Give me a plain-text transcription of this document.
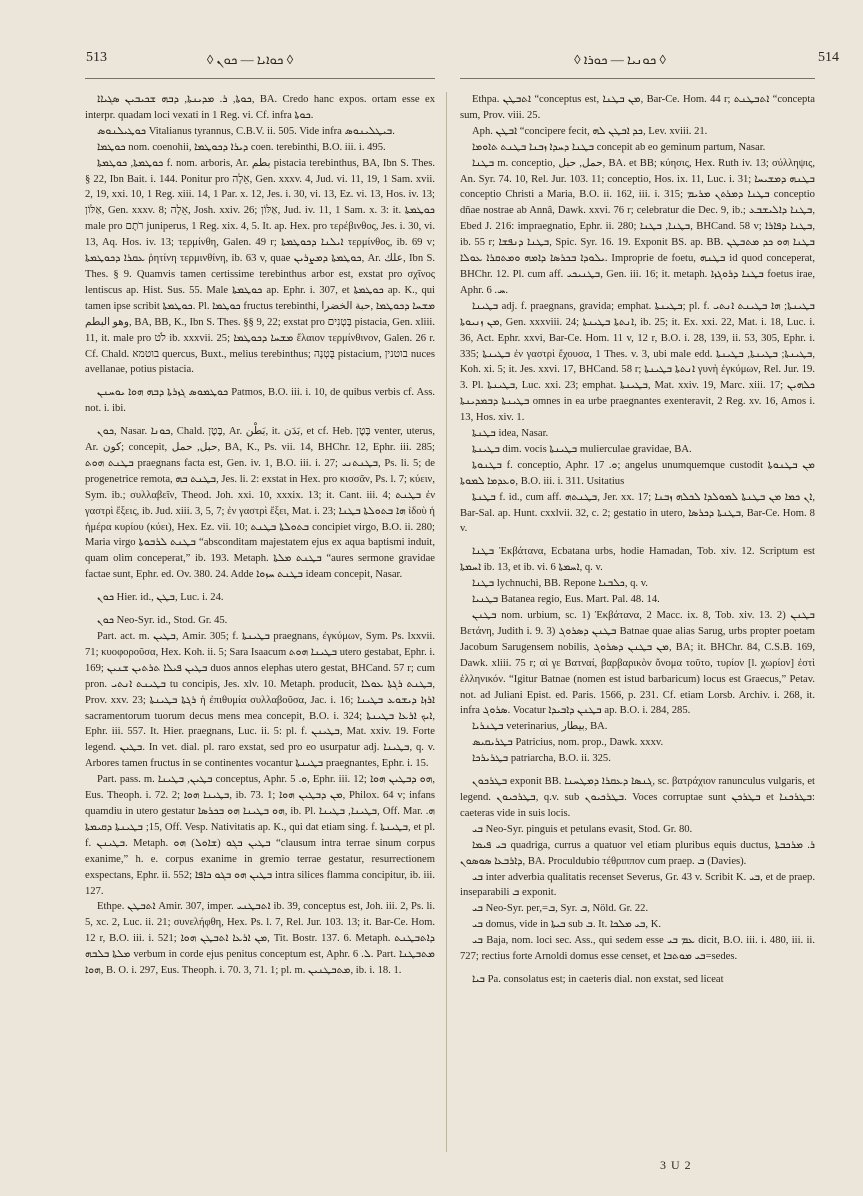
513	◊ ܟܘܐܝܐ — ܟܘܢ ◊	◊ ܟܘܢܝܐ — ܟܘܪܐ ◊	514

ܟܘܬܐ, ܪ. ܡܕܝܢܬܐ, ܕܒܗ ܫܟܝܒܝܢ ܣܓܝܐܐ, BA. Credo hanc expos. ortam esse ex interpr. quadam loci vexati in 1 Reg. vi. Cf. infra ܟܘܬܐ.

ܟܘܛܝܠܢܘܣ Vitalianus tyrannus, C.B.V. ii. 505. Vide infra ܒܝܛܠܝܢܘܣ.

ܟܘܛܡܐ nom. coenohii, ܕܝܪܐ ܕܟܘܛܡܐ coen. terebinthi, B.O. iii. i. 495.

ܟܘܛܡܬܐ, ܟܘܛܡܬܐ f. nom. arboris, Ar. ﺑﻄﻢ pistacia terebinthus, BA, Ibn S. Thes. § 22, Ibn Bait. i. 144. Ponitur pro אֵלָה, Gen. xxxv. 4, Jud. vi. 11, 19, 1 Sam. xvii. 2, 19, xxi. 10, 1 Reg. xiii. 14, 1 Par. x. 12, Jes. i. 30, vi. 13, Ez. vi. 13, Hos. iv. 13; אַלּוֹן, Gen. xxxv. 8; אֵלָה, Josh. xxiv. 26; אַלּוֹן, Jud. iv. 11, 1 Sam. x. 3: it. ܟܘܛܡܬܐ male pro רֹתֶם juniperus, 1 Reg. xix. 4, 5. It. ap. Hex. pro τερέβινθος, Jes. i. 30, vi. 13, Aq. Hos. iv. 13; τερμίνθη, Galen. 49 r; ܐܝܠܢܐ ܕܟܘܛܡܬܐ τερμίνθος, ib. 69 v; ܥܩܪܐ ܕܟܘܛܡܬܐ ῥητίνη τερμινθίνη, ib. 63 v, quae ܟܘܛܡܬܐ ܕܡܨܪܝܢ, Ar. ﻋﻠﻚ, Ibn S. Thes. § 9. Quamvis tamen certissime terebinthus arbor est, exstat pro σχῖνος lentiscus ap. Hist. Sus. 55. Male ܟܘܛܡܬܐ ap. Ephr. i. 307, et ܟܘܛܡܬܐ ap. K., qui tamen ipse scribit ܟܘܛܡܬܐ. Pl. ܟܘܛܡܐ fructus terebinthi, ܡܫܚܐ ܕܟܘܛܡܐ ,ﺣﺒﺔ ﺍﻟﺨﻀﺮﺍ ﻭﻫﻮ ﺍﻟﺒﻄﻢ, BA, BB, K., Ibn S. Thes. §§ 9, 22; exstat pro בָּטְנִים pistacia, Gen. xliii. 11, it. male pro לֹט ib. xxxvii. 25; ܡܫܚܐ ܕܟܘܛܡܐ ἔλαιον τερμίνθινον, Galen. 26 r. Cf. Chald. בוטמא quercus, Buxt., melius terebinthus; בֻּטְנָה pistacium, בוטנין nuces avellanae, potius pistacia.

ܟܘܛܡܘܣ ܓܙܪܬܐ ܕܒܗ ܗܘܐ ܝܘܚܢܢ Patmos, B.O. iii. i. 10, de quibus verbis cf. Ass. not. i. ibi.

ܟܘܢ, Nasar. ܟܘܢܐ, Chald. בֶּטֶן, Ar. بَطْن, it. بَدَن, et cf. Heb. בֶּטֶן venter, uterus, Ar. ﻛﻮﻥ; concepit, ﺣﺒﻞ, ﺣﻤﻞ, BA, K., Ps. vii. 14, BHChr. 12, Ephr. iii. 285; ܒܛܢܬ ܗܘܬ praegnans facta est, Gen. iv. 1, B.O. iii. i. 27; ܒܛܢܬܢܝ, Ps. li. 5; de progenetrice remota, ܒܛܢܬ ܒܗ, Jes. li. 2: exstat in Hex. pro κισσᾶν, Ps. l. 7; κύειν, Sym. ib.; συλλαβεῖν, Theod. Joh. xxi. 10, xxxix. 13; it. Cant. iii. 4; ܒܛܢܬ ἐν γαστρὶ ἔξεις, ib. Jud. xiii. 3, 5, 7; ἐν γαστρὶ ἔξει, Mat. i. 23; ܗܐ ܒܬܘܠܬܐ ܒܛܢܐ ἰδοὺ ἡ ἡμέρα κυρίου (κύει), Hex. Ez. vii. 10; ܒܬܘܠܬܐ ܒܛܢܬ concipiet virgo, B.O. ii. 280; Maria virgo ܒܛܢܬ ܠܪܒܘܬܐ “absconditam majestatem ejus ex aqua baptismi induit, quam olim conceperat,” ib. 193. Metaph. ܒܛܢܬ ܡܠܬܐ “aures sermone gravidae factae sunt, Ephr. ed. Ov. 380. 24. Adde ܒܛܢܬ ܚܙܘܐ ideam concepit, Nasar.

ܟܘܢ Hier. id., ܒܛܢ, Luc. i. 24.

ܟܘܢ Neo-Syr. id., Stod. Gr. 45.

Part. act. m. ܒܛܝܢ, Amir. 305; f. ܒܛܝܢܬܐ praegnans, ἐγκύμων, Sym. Ps. lxxvii. 71; κυοφοροῦσα, Hex. Koh. ii. 5; Sara Isaacum ܒܛܝܢܐ ܗܘܬ utero gestabat, Ephr. i. 169; ܒܛܝܢ ܦܝܠܐ ܬܪܬܝܢ ܫܢܝܢ duos annos elephas utero gestat, BHCand. 57 r; cum pron. ܒܛܝܢܬ ܐܢܬܝ tu concipis, Jes. xlv. 10. Metaph. producit, ܒܛܢܬ ܪܓܬܐ ܥܘܠܐ, Prov. xxv. 23; ܪܓܬܐ ܒܛܝܢܬܐ ἡ ἐπιθυμία συλλαβοῦσα, Jac. i. 16; ܐܪܙܐ ܕܝܫܘܥ ܒܛܝܢܐ sacramentorum tuorum decus mens mea concepit, B.O. i. 324; ܐܝܟ ܐܪܥܐ ܒܛܝܢܬܐ, Ephr. iii. 557. It. Hier. praegnans, Luc. ii. 5: pl. f. ܒܛܝܢܢ, Mat. xxiv. 19. Forte legend. ܒܛܝܢ. In vet. dial. pl. raro exstat, sed pro eo usurpatur adj. ܒܛܝܢܐ, q. v. Arbores tamen fructus in se continentes vocantur ܒܛܝܢܬܐ praegnantes, Ephr. i. 15.

Part. pass. m. ܒܛܝܢ, ܒܛܝܢܐ conceptus, Aphr. ܘ. 5, Ephr. iii. 12; ܗܘ ܕܒܛܝܢ ܗܘܐ, Eus. Theoph. i. 72. 2; ܒܛܝܢܐ ܗܘܐ, ib. 73. 1; ܡܢ ܕܒܛܝܢ ܗܘܐ, Philox. 64 v; infans quamdiu in utero gestatur ܗܘ ܒܛܝܢܐ ܗܘ ܒܟܪܣܐ, ib. Pl. ܒܛܝܢܐ, ܒܛܝܢܐ, Off. Mar. ܗ. 15; ܒܛܝܢܬܐ ܕܩܝܡܬܐ, Off. Vesp. Nativitatis ap. K., qui dat etiam sing. f. ܒܛܝܢܬܐ, et pl. f. ܒܛܝܢܢ. Metaph. ܒܛܝܢ ܒܓܘ (ܫܐܘܠ) ܗܘ “clausum intra terrae sinum corpus exanime,” h. e. corpus exanime in gremio terrae gestatur, resurrectionem exspectans, Ephr. ii. 552; ܒܛܝܢ ܗܘ ܒܓܘ ܟܐܦܐ intra silices flamma concipitur, ib. iii. 127.

Ethpe. ܐܬܒܛܢ Amir. 307, imper. ܐܬܒܛܢܝ ib. 39, conceptus est, Joh. iii. 2, Ps. li. 5, xc. 2, Luc. ii. 21; συνελήφθη, Hex. Ps. l. 7, Rel. Jur. 103. 13; it. Bar-Ce. Hom. 12 r, B.O. iii. i. 521; ܡܢ ܐܪܥܐ ܐܬܒܛܢ ܗܘܐ, Tit. Bostr. 137. 6. Metaph. ܕܐܬܒܛܢܬ ܡܠܬܐ ܒܠܒܗ verbum in corde ejus penitus conceptum est, Aphr. ܠ. 6. Part. ܡܬܒܛܢܐ ܗܘܐ, B. O. i. 297, Eus. Theoph. i. 70. 3, 71. 1; pl. m. ܡܬܒܛܢܝܢ, ib. i. 18. 1.

Ethpa. ܐܬܒܛܢ “conceptus est, ܡܢ ܒܛܢܐ, Bar-Ce. Hom. 44 r; ܐܬܒܛܢܬ “concepta sum, Prov. viii. 25.

Aph. ܐܒܛܢ “concipere fecit, ܟܕ ܐܒܛܢ ܠܗ, Lev. xviii. 21.

ܒܛܢܐ ܕܚܕܐ ܙܒܢܐ ܒܛܢܬ ܬܐܘܡܐ concepit ab eo geminum partum, Nasar.

ܒܛܢܐ m. conceptio, ﺣﻤﻞ, ﺣﺒﻞ, BA. et BB; κύησις, Hex. Ruth iv. 13; σύλληψις, An. Syr. 74. 10, Rel. Jur. 103. 11; conceptio, Hos. ix. 11, Luc. i. 31; ܒܛܢܗ ܕܡܫܝܚܐ conceptio Christi a Maria, B.O. ii. 162, iii. i. 315; ܒܛܢܐ ܕܡܪܬܢ ܡܪܝܡ conceptio dñae nostrae ab Annâ, Dawk. xxvi. 76 r; celebratur die Dec. 9, ib.; ܒܛܢܐ ܕܐܠܝܫܒܥ, Ebed J. 216: impraegnatio, Ephr. ii. 280; ܒܛܢܐ, ܒܛܢܐ, BHCand. 58 v; ܒܛܢܐ ܕܦܐܪܐ, ib. 55 r; ܒܛܢܐ ܕܢܦܫܐ, Spic. Syr. 16. 19. Exponit BS. ap. BB. ܒܛܢܐ ܗܘ ܟܕ ܡܬܒܛܢ ܝܠܘܕܐ ܒܟܪܣܐ ܕܐܡܗ ܘܡܬܩܪܐ ܥܘܠܐ. Improprie de foetu, ܒܛܢܗ id quod conceperat, BHChr. 12. Pl. cum aff. ܒܛܢܝܟܝ, Gen. iii. 16; it. metaph. ܒܛܢܐ ܕܪܘܓܙܐ foetus irae, Aphr. ܚ. 6.

ܒܛܝܢܐ adj. f. praegnans, gravida; emphat. ܒܛܝܢܬܐ; pl. f. ܒܛܝܢܬܐ; ܗܐ ܒܛܝܢܬ ܐܢܬܝ ܡܢ ܙܢܝܘܬܐ, Gen. xxxviii. 24; ܐܢܬܬܐ ܒܛܝܢܬܐ, ib. 25; it. Ex. xxi. 22, Mat. i. 18, Luc. i. 36, Act. Ephr. xxvi, Bar-Ce. Hom. 11 v, 12 r, B.O. i. 28, 139, ii. 53, 305, Ephr. i. 335; ܒܛܝܢܬܐ ἐν γαστρὶ ἔχουσα, 1 Thes. v. 3, ubi male edd. ܒܛܝܢܬܐ; ܒܛܝܢܬܐ, ܒܛܝܢܬܐ, Koh. xi. 5; it. Jes. xxvi. 17, BHCand. 58 r; ܐܢܬܬܐ ܒܛܝܢܬܐ γυνὴ ἐγκύμων, Rel. Jur. 19. 3. Pl. ܒܛܝܢܬܐ, Luc. xxi. 23; emphat. ܒܛܝܢܬܐ, Mat. xxiv. 19, Marc. xiii. 17; ܟܠܗܝܢ ܒܛܝܢܬܐ ܕܒܡܕܝܢܬܐ omnes in ea urbe praegnantes exenteravit, 2 Reg. xv. 16, Amos i. 13, Hos. xiv. 1.

ܒܛܢܬܐ idea, Nasar.

ܒܛܝܢܬܐ dim. vocis ܒܛܝܢܬܐ mulierculae gravidae, BA.

ܒܛܢܘܬܐ f. conceptio, Aphr. ܘ. 17; angelus unumquemque custodit ܡܢ ܒܛܢܘܬܐ ܘܥܕܡܐ ܠܡܘܬܐ, B.O. iii. i. 311. Usitatius

ܒܛܢܬܐ f. id., cum aff. ܒܛܢܬܗ, Jer. xx. 17; ܐܢ ܟܡܐ ܡܢ ܒܛܢܬܐ ܠܡܘܠܕܐ ܠܟܠܗ ܙܒܢܐ, Bar-Sal. ap. Hunt. cxxlvii. 32, c. 2; gestatio in utero, ܒܛܢܬܐ ܕܟܪܣܐ, Bar-Ce. Hom. 8 v.

ܒܛܢܐ Ἐκβάτανα, Ecbatana urbs, hodie Hamadan, Tob. xiv. 12. Scriptum est ܐܚܡܬܐ ib. 13, et ib. vi. 6 ܐܚܡܬܐ, q. v.

ܒܛܢܐ lychnuchi, BB. Repone ܟܠܒܢܐ, q. v.

ܒܛܢܝܐ Batanea regio, Eus. Mart. Pal. 48. 14.

ܒܛܢܢ nom. urbium, sc. 1) Ἐκβάτανα, 2 Macc. ix. 8, Tob. xiv. 13. 2) ܒܛܢܢ Βετάνη, Judith i. 9. 3) ܒܛܢܢ ܕܣܪܘܓ Batnae quae alias Sarug, urbs propter poetam Jacobum Sarugensem nobilis, ܡܢ ܒܛܢܢ ܕܣܪܘܓ, BA; it. BHChr. 84, C.S.B. 169, Dawk. xliii. 75 r; αἱ γε Βατναί, βαρβαρικὸν ὄνομα τοῦτο, τυρίον [l. χωρίον] ἐστὶ ἑλληνικόν. “Igitur Batnae (nomen est istud barbaricum) locus est Graecus,” Petav. not. ad Juliani Epist. ed. Paris. 1566, p. 231. Cf. etiam Lorsb. Archiv. i. 268, it. infra ܣܪܘܓ. Vocatur ܒܛܢܢ ܕܐܒܝܕܐ ap. B.O. i. 284, 285.

ܒܛܢܪܝܐ veterinarius, ﺑﻴﻄﺎﺭ, BA.

ܒܛܪܝܩܝܣ Patricius, nom. prop., Dawk. xxxv.

ܒܛܪܝܪܟܐ patriarcha, B.O. ii. 325.

ܒܛܪܟܘܢ exponit BB. ܓܢܣܐ ܕܥܩܪܐ ܕܡܛܚܢܐ, sc. βατράχιον ranunculus vulgaris, et legend. ܒܛܪܟܝܘܢ, q.v. sub ܒܛܪܟܝܘܢ. Voces corruptae sunt ܒܛܪܟܢ et ܒܛܪܟܢܐ: caeteras vide in suis locis.

ܒܝ Neo-Syr. pinguis et petulans evasit, Stod. Gr. 80.

ܒܝ ܦܝܡܐ quadriga, currus a quatuor vel etiam pluribus equis ductus, ܪ. ܡܪܟܒܬܐ ܕܐܪܒܥܐ ܣܘܣܘܢ, BA. Proculdubio τέθριππον cum praep. ܒ (Davies).

ܒܝ inter adverbia qualitatis recenset Severus, Gr. 43 v. Scribit K. ܒܝ, et de praep. inseparabili ܒ exponit.

ܒܝ Neo-Syr. per,=ܒ, Syr. ܒ, Nöld. Gr. 22.

ܒܝ domus, vide in ܒܝܬܐ sub ܒ. It. ܒܝ ܡܠܟܐ, K.

ܒܝ Baja, nom. loci sec. Ass., qui sedem esse ܥܡ ܒܝ dicit, B.O. iii. i. 480, iii. ii. 727; rectius forte Arnoldi domus esse censet, et ܒܝ ܡܘܬܒܐ=sedes.

ܒܝܐ Pa. consolatus est; in caeteris dial. non exstat, sed liceat

3 U 2
